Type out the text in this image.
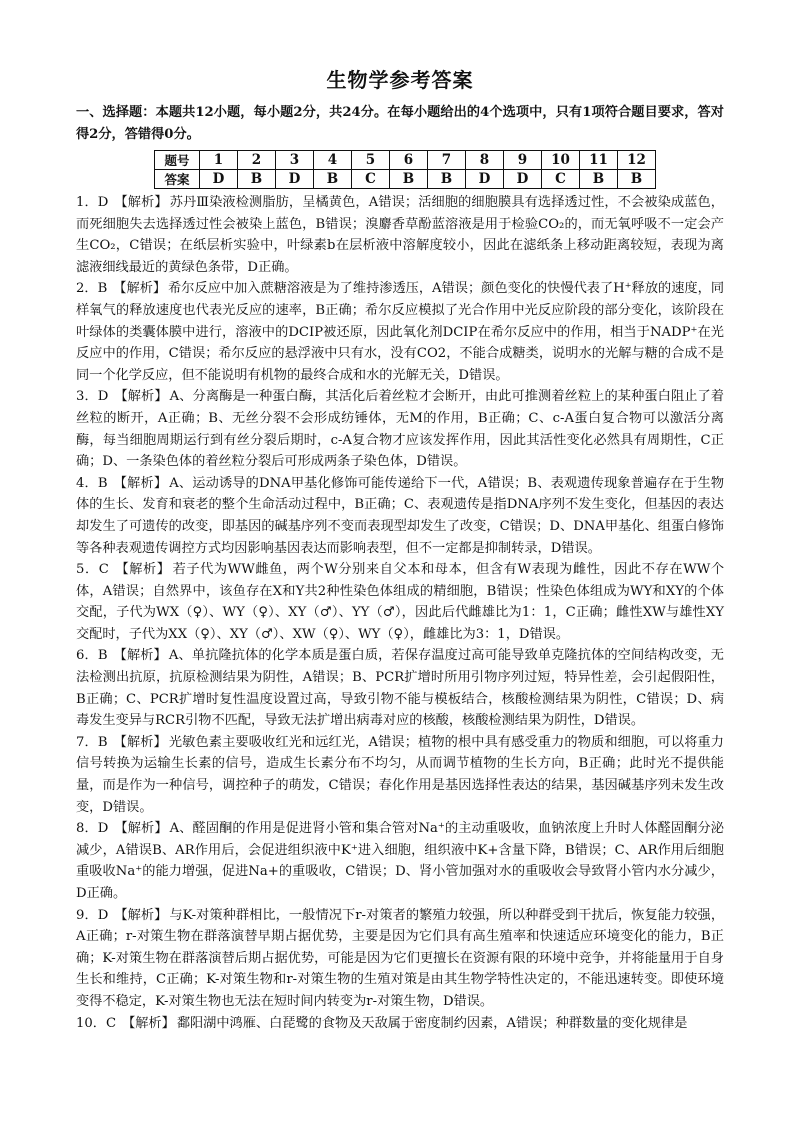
生物学参考答案

一、选择题：本题共12小题，每小题2分，共24分。在每小题给出的4个选项中，只有1项符合题目要求，答对得2分，答错得0分。

题号	1	2	3	4	5	6	7	8	9	10	11	12
答案	D	B	D	B	C	B	B	D	D	C	B	B

1．D 【解析】 苏丹Ⅲ染液检测脂肪，呈橘黄色，A错误；活细胞的细胞膜具有选择透过性，不会被染成蓝色，而死细胞失去选择透过性会被染上蓝色，B错误；溴麝香草酚蓝溶液是用于检验CO₂的，而无氧呼吸不一定会产生CO₂，C错误；在纸层析实验中，叶绿素b在层析液中溶解度较小，因此在滤纸条上移动距离较短，表现为离滤液细线最近的黄绿色条带，D正确。

2．B 【解析】 希尔反应中加入蔗糖溶液是为了维持渗透压，A错误；颜色变化的快慢代表了H⁺释放的速度，同样氧气的释放速度也代表光反应的速率，B正确；希尔反应模拟了光合作用中光反应阶段的部分变化，该阶段在叶绿体的类囊体膜中进行，溶液中的DCIP被还原，因此氧化剂DCIP在希尔反应中的作用，相当于NADP⁺在光反应中的作用，C错误；希尔反应的悬浮液中只有水，没有CO2，不能合成糖类，说明水的光解与糖的合成不是同一个化学反应，但不能说明有机物的最终合成和水的光解无关，D错误。

3．D 【解析】 A、分离酶是一种蛋白酶，其活化后着丝粒才会断开，由此可推测着丝粒上的某种蛋白阻止了着丝粒的断开，A正确；B、无丝分裂不会形成纺锤体，无M的作用，B正确；C、c-A蛋白复合物可以激活分离酶，每当细胞周期运行到有丝分裂后期时，c-A复合物才应该发挥作用，因此其活性变化必然具有周期性，C正确；D、一条染色体的着丝粒分裂后可形成两条子染色体，D错误。

4．B 【解析】 A、运动诱导的DNA甲基化修饰可能传递给下一代，A错误；B、表观遗传现象普遍存在于生物体的生长、发育和衰老的整个生命活动过程中，B正确；C、表观遗传是指DNA序列不发生变化，但基因的表达却发生了可遗传的改变，即基因的碱基序列不变而表现型却发生了改变，C错误；D、DNA甲基化、组蛋白修饰等各种表观遗传调控方式均因影响基因表达而影响表型，但不一定都是抑制转录，D错误。

5．C 【解析】 若子代为WW雌鱼，两个W分别来自父本和母本，但含有W表现为雌性，因此不存在WW个体，A错误；自然界中，该鱼存在X和Y共2种性染色体组成的精细胞，B错误；性染色体组成为WY和XY的个体交配，子代为WX（♀）、WY（♀）、XY（♂）、YY（♂），因此后代雌雄比为1：1，C正确；雌性XW与雄性XY交配时，子代为XX（♀）、XY（♂）、XW（♀）、WY（♀），雌雄比为3：1，D错误。

6．B 【解析】 A、单抗隆抗体的化学本质是蛋白质，若保存温度过高可能导致单克隆抗体的空间结构改变，无法检测出抗原，抗原检测结果为阴性，A错误；B、PCR扩增时所用引物序列过短，特异性差，会引起假阳性，B正确；C、PCR扩增时复性温度设置过高，导致引物不能与模板结合，核酸检测结果为阴性，C错误；D、病毒发生变异与RCR引物不匹配，导致无法扩增出病毒对应的核酸，核酸检测结果为阴性，D错误。

7．B 【解析】 光敏色素主要吸收红光和远红光，A错误；植物的根中具有感受重力的物质和细胞，可以将重力信号转换为运输生长素的信号，造成生长素分布不均匀，从而调节植物的生长方向，B正确；此时光不提供能量，而是作为一种信号，调控种子的萌发，C错误；春化作用是基因选择性表达的结果，基因碱基序列未发生改变，D错误。

8．D 【解析】 A、醛固酮的作用是促进肾小管和集合管对Na⁺的主动重吸收，血钠浓度上升时人体醛固酮分泌减少，A错误B、AR作用后，会促进组织液中K⁺进入细胞，组织液中K+含量下降，B错误；C、AR作用后细胞重吸收Na⁺的能力增强，促进Na+的重吸收，C错误；D、肾小管加强对水的重吸收会导致肾小管内水分减少，D正确。

9．D 【解析】 与K-对策种群相比，一般情况下r-对策者的繁殖力较强，所以种群受到干扰后，恢复能力较强，A正确；r-对策生物在群落演替早期占据优势，主要是因为它们具有高生殖率和快速适应环境变化的能力，B正确；K-对策生物在群落演替后期占据优势，可能是因为它们更擅长在资源有限的环境中竞争，并将能量用于自身生长和维持，C正确；K-对策生物和r-对策生物的生殖对策是由其生物学特性决定的，不能迅速转变。即使环境变得不稳定，K-对策生物也无法在短时间内转变为r-对策生物，D错误。

10．C 【解析】 鄱阳湖中鸿雁、白琵鹭的食物及天敌属于密度制约因素，A错误；种群数量的变化规律是
